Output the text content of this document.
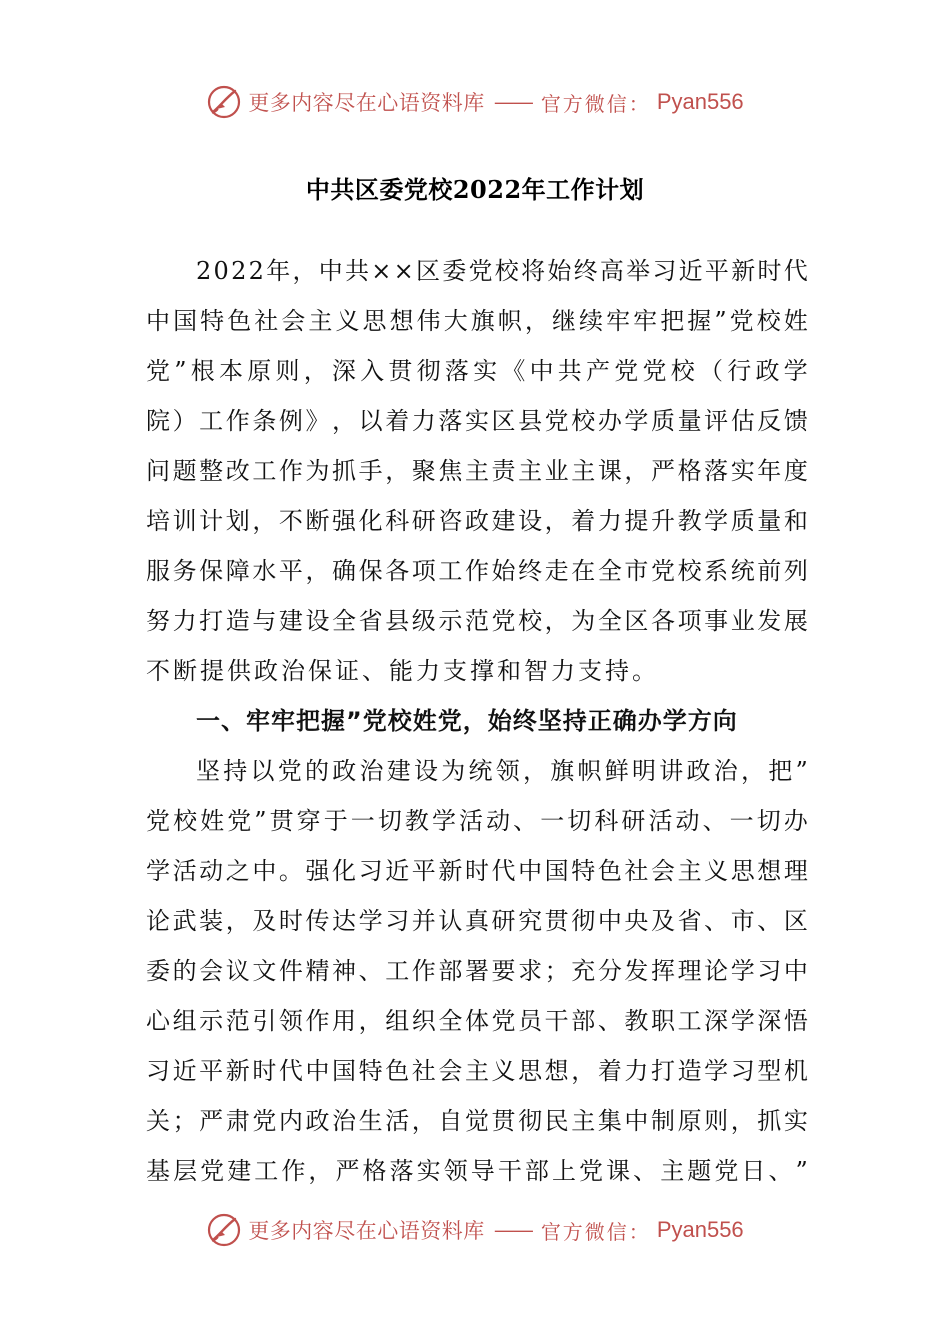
更多内容尽在心语资料库 —— 官方微信： Pyan556
中共区委党校2022年工作计划
2 0 2 2 年 ， 中 共 × × 区 委 党 校 将 始 终 高 举 习 近 平 新 时 代
中 国 特 色 社 会 主 义 思 想 伟 大 旗 帜 ， 继 续 牢 牢 把 握 ” 党 校 姓
党 ” 根 本 原 则 ， 深 入 贯 彻 落 实 《 中 共 产 党 党 校 （ 行 政 学
院 ） 工 作 条 例 》 ， 以 着 力 落 实 区 县 党 校 办 学 质 量 评 估 反 馈
问 题 整 改 工 作 为 抓 手 ， 聚 焦 主 责 主 业 主 课 ， 严 格 落 实 年 度
培 训 计 划 ， 不 断 强 化 科 研 咨 政 建 设 ， 着 力 提 升 教 学 质 量 和
服 务 保 障 水 平 ， 确 保 各 项 工 作 始 终 走 在 全 市 党 校 系 统 前 列
努 力 打 造 与 建 设 全 省 县 级 示 范 党 校 ， 为 全 区 各 项 事 业 发 展
不断提供政治保证、能力支撑和智力支持。
一、牢牢把握”党校姓党，始终坚持正确办学方向
坚 持 以 党 的 政 治 建 设 为 统 领 ， 旗 帜 鲜 明 讲 政 治 ， 把 ”
党 校 姓 党 ” 贯 穿 于 一 切 教 学 活 动 、 一 切 科 研 活 动 、 一 切 办
学 活 动 之 中 。 强 化 习 近 平 新 时 代 中 国 特 色 社 会 主 义 思 想 理
论 武 装 ， 及 时 传 达 学 习 并 认 真 研 究 贯 彻 中 央 及 省 、 市 、 区
委 的 会 议 文 件 精 神 、 工 作 部 署 要 求 ； 充 分 发 挥 理 论 学 习 中
心 组 示 范 引 领 作 用 ， 组 织 全 体 党 员 干 部 、 教 职 工 深 学 深 悟
习 近 平 新 时 代 中 国 特 色 社 会 主 义 思 想 ， 着 力 打 造 学 习 型 机
关 ； 严 肃 党 内 政 治 生 活 ， 自 觉 贯 彻 民 主 集 中 制 原 则 ， 抓 实
基 层 党 建 工 作 ， 严 格 落 实 领 导 干 部 上 党 课 、 主 题 党 日 、 ”
更多内容尽在心语资料库 —— 官方微信： Pyan556
